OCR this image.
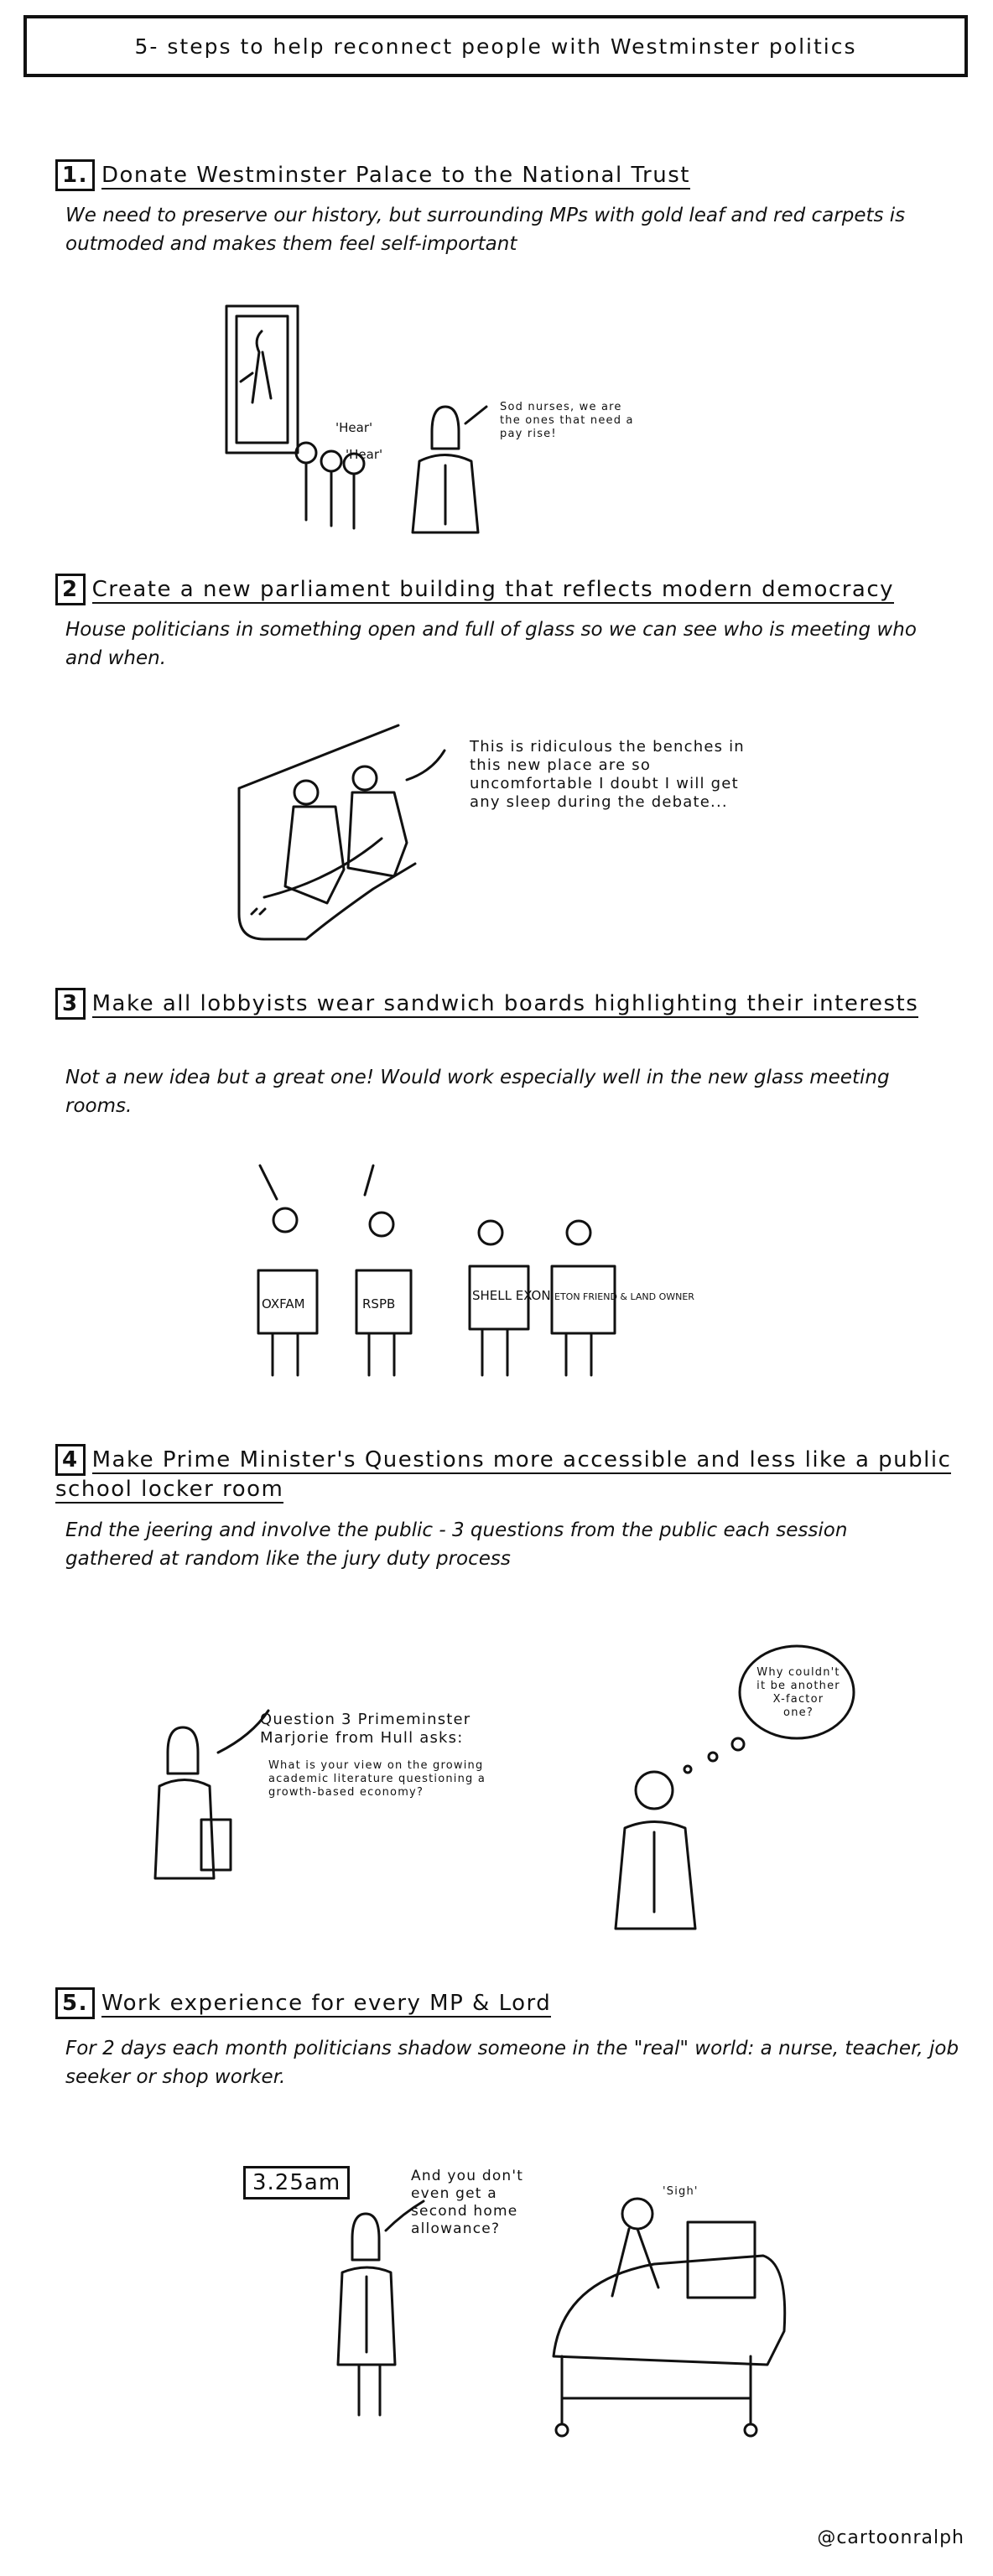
5- steps to help reconnect people with Westminster politics
1. Donate Westminster Palace to the National Trust
We need to preserve our history, but surrounding MPs with gold leaf and red carpets is outmoded and makes them feel self-important
'Hear'
'Hear'
Sod nurses, we are the ones that need a pay rise!
2 Create a new parliament building that reflects modern democracy
House politicians in something open and full of glass so we can see who is meeting who and when.
This is ridiculous the benches in this new place are so uncomfortable I doubt I will get any sleep during the debate...
3 Make all lobbyists wear sandwich boards highlighting their interests
Not a new idea but a great one! Would work especially well in the new glass meeting rooms.
OXFAM	RSPB
SHELL EXON ETON FRIEND & LAND OWNER
4 Make Prime Minister's Questions more accessible and less like a public school locker room
End the jeering and involve the public - 3 questions from the public each session gathered at random like the jury duty process
Question 3 Primeminster Marjorie from Hull asks:
What is your view on the growing academic literature questioning a growth-based economy?
Why couldn't it be another X-factor one?
5. Work experience for every MP & Lord
For 2 days each month politicians shadow someone in the "real" world: a nurse, teacher, job seeker or shop worker.
3.25am	And you don't even get a second home allowance?
'Sigh'
@cartoonralph
